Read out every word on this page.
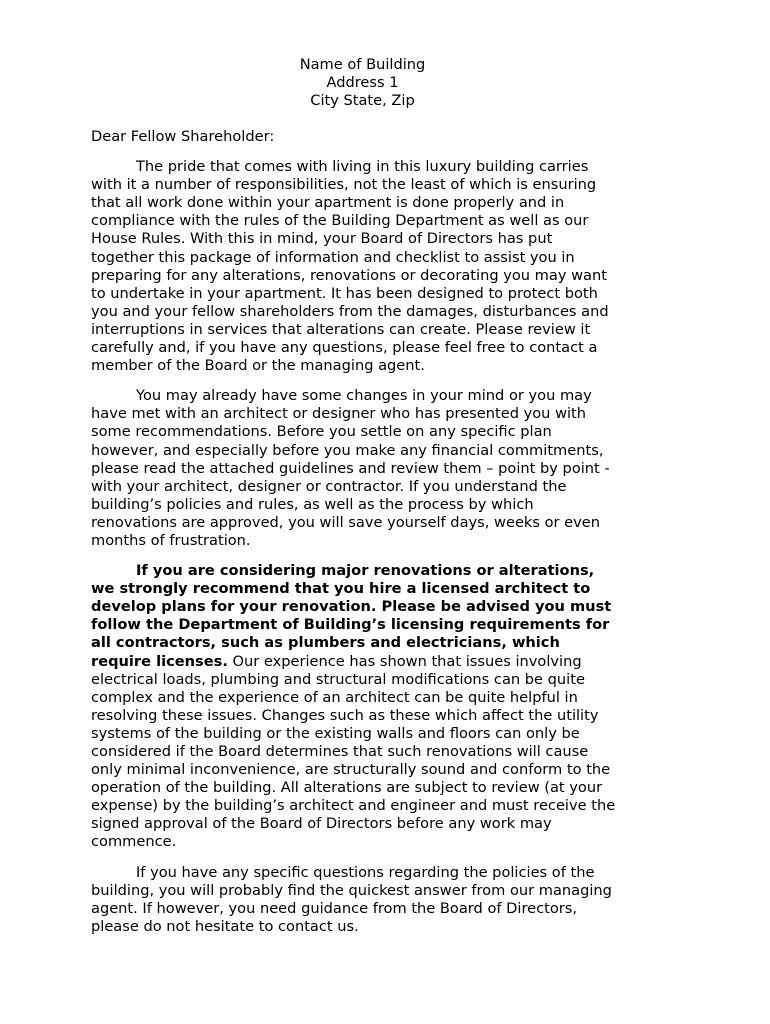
Name of Building
Address 1
City State, Zip
Dear Fellow Shareholder:
The pride that comes with living in this luxury building carries
with it a number of responsibilities, not the least of which is ensuring
that all work done within your apartment is done properly and in
compliance with the rules of the Building Department as well as our
House Rules. With this in mind, your Board of Directors has put
together this package of information and checklist to assist you in
preparing for any alterations, renovations or decorating you may want
to undertake in your apartment. It has been designed to protect both
you and your fellow shareholders from the damages, disturbances and
interruptions in services that alterations can create. Please review it
carefully and, if you have any questions, please feel free to contact a
member of the Board or the managing agent.
You may already have some changes in your mind or you may
have met with an architect or designer who has presented you with
some recommendations. Before you settle on any specific plan
however, and especially before you make any financial commitments,
please read the attached guidelines and review them – point by point -
with your architect, designer or contractor. If you understand the
building’s policies and rules, as well as the process by which
renovations are approved, you will save yourself days, weeks or even
months of frustration.
If you are considering major renovations or alterations,
we strongly recommend that you hire a licensed architect to
develop plans for your renovation. Please be advised you must
follow the Department of Building’s licensing requirements for
all contractors, such as plumbers and electricians, which
require licenses. Our experience has shown that issues involving
electrical loads, plumbing and structural modifications can be quite
complex and the experience of an architect can be quite helpful in
resolving these issues. Changes such as these which affect the utility
systems of the building or the existing walls and floors can only be
considered if the Board determines that such renovations will cause
only minimal inconvenience, are structurally sound and conform to the
operation of the building. All alterations are subject to review (at your
expense) by the building’s architect and engineer and must receive the
signed approval of the Board of Directors before any work may
commence.
If you have any specific questions regarding the policies of the
building, you will probably find the quickest answer from our managing
agent. If however, you need guidance from the Board of Directors,
please do not hesitate to contact us.
